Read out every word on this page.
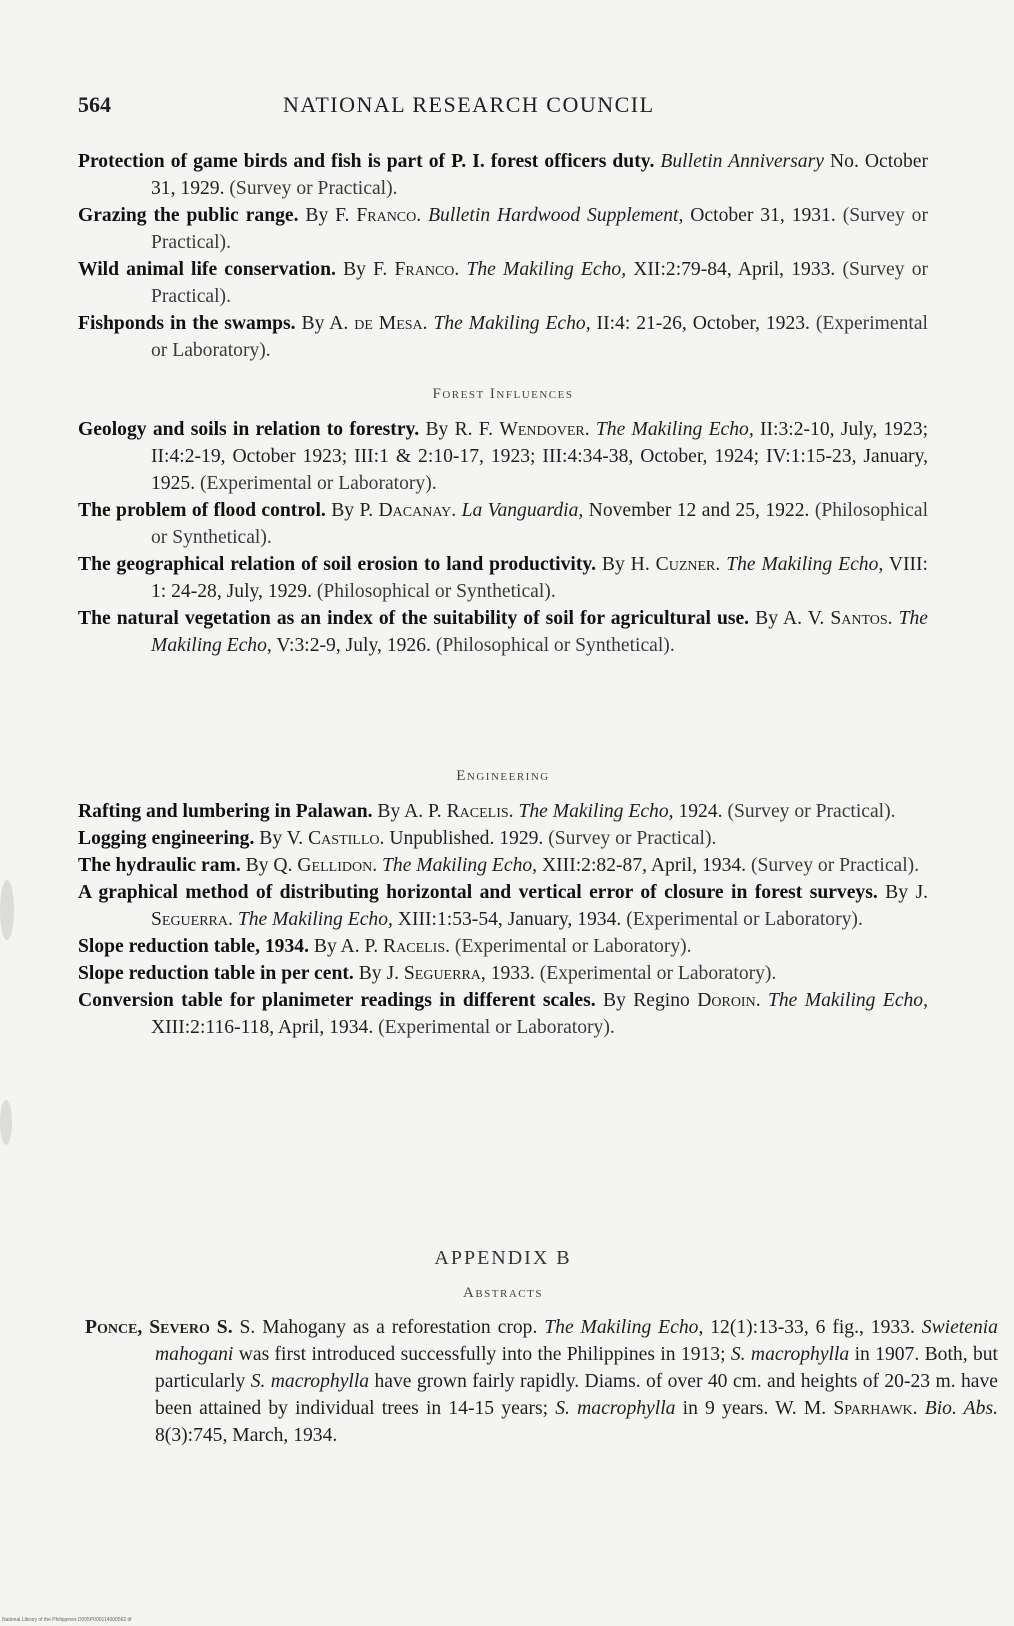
564	NATIONAL RESEARCH COUNCIL

Protection of game birds and fish is part of P. I. forest officers duty. Bulletin Anniversary No. October 31, 1929. (Survey or Practical).

Grazing the public range. By F. Franco. Bulletin Hardwood Supplement, October 31, 1931. (Survey or Practical).

Wild animal life conservation. By F. Franco. The Makiling Echo, XII:2:79-84, April, 1933. (Survey or Practical).

Fishponds in the swamps. By A. de Mesa. The Makiling Echo, II:4: 21-26, October, 1923. (Experimental or Laboratory).

Forest Influences

Geology and soils in relation to forestry. By R. F. Wendover. The Makiling Echo, II:3:2-10, July, 1923; II:4:2-19, October 1923; III:1 & 2:10-17, 1923; III:4:34-38, October, 1924; IV:1:15-23, January, 1925. (Experimental or Laboratory).

The problem of flood control. By P. Dacanay. La Vanguardia, November 12 and 25, 1922. (Philosophical or Synthetical).

The geographical relation of soil erosion to land productivity. By H. Cuzner. The Makiling Echo, VIII: 1: 24-28, July, 1929. (Philosophical or Synthetical).

The natural vegetation as an index of the suitability of soil for agricultural use. By A. V. Santos. The Makiling Echo, V:3:2-9, July, 1926. (Philosophical or Synthetical).

Engineering

Rafting and lumbering in Palawan. By A. P. Racelis. The Makiling Echo, 1924. (Survey or Practical).

Logging engineering. By V. Castillo. Unpublished. 1929. (Survey or Practical).

The hydraulic ram. By Q. Gellidon. The Makiling Echo, XIII:2:82-87, April, 1934. (Survey or Practical).

A graphical method of distributing horizontal and vertical error of closure in forest surveys. By J. Seguerra. The Makiling Echo, XIII:1:53-54, January, 1934. (Experimental or Laboratory).

Slope reduction table, 1934. By A. P. Racelis. (Experimental or Laboratory).

Slope reduction table in per cent. By J. Seguerra, 1933. (Experimental or Laboratory).

Conversion table for planimeter readings in different scales. By Regino Doroin. The Makiling Echo, XIII:2:116-118, April, 1934. (Experimental or Laboratory).

APPENDIX B
Abstracts

Ponce, Severo S. S. Mahogany as a reforestation crop. The Makiling Echo, 12(1):13-33, 6 fig., 1933. Swietenia mahogani was first introduced successfully into the Philippines in 1913; S. macrophylla in 1907. Both, but particularly S. macrophylla have grown fairly rapidly. Diams. of over 40 cm. and heights of 20-23 m. have been attained by individual trees in 14-15 years; S. macrophylla in 9 years. W. M. Sparhawk. Bio. Abs. 8(3):745, March, 1934.

National Library of the Philippines D005P000114000562.tif
